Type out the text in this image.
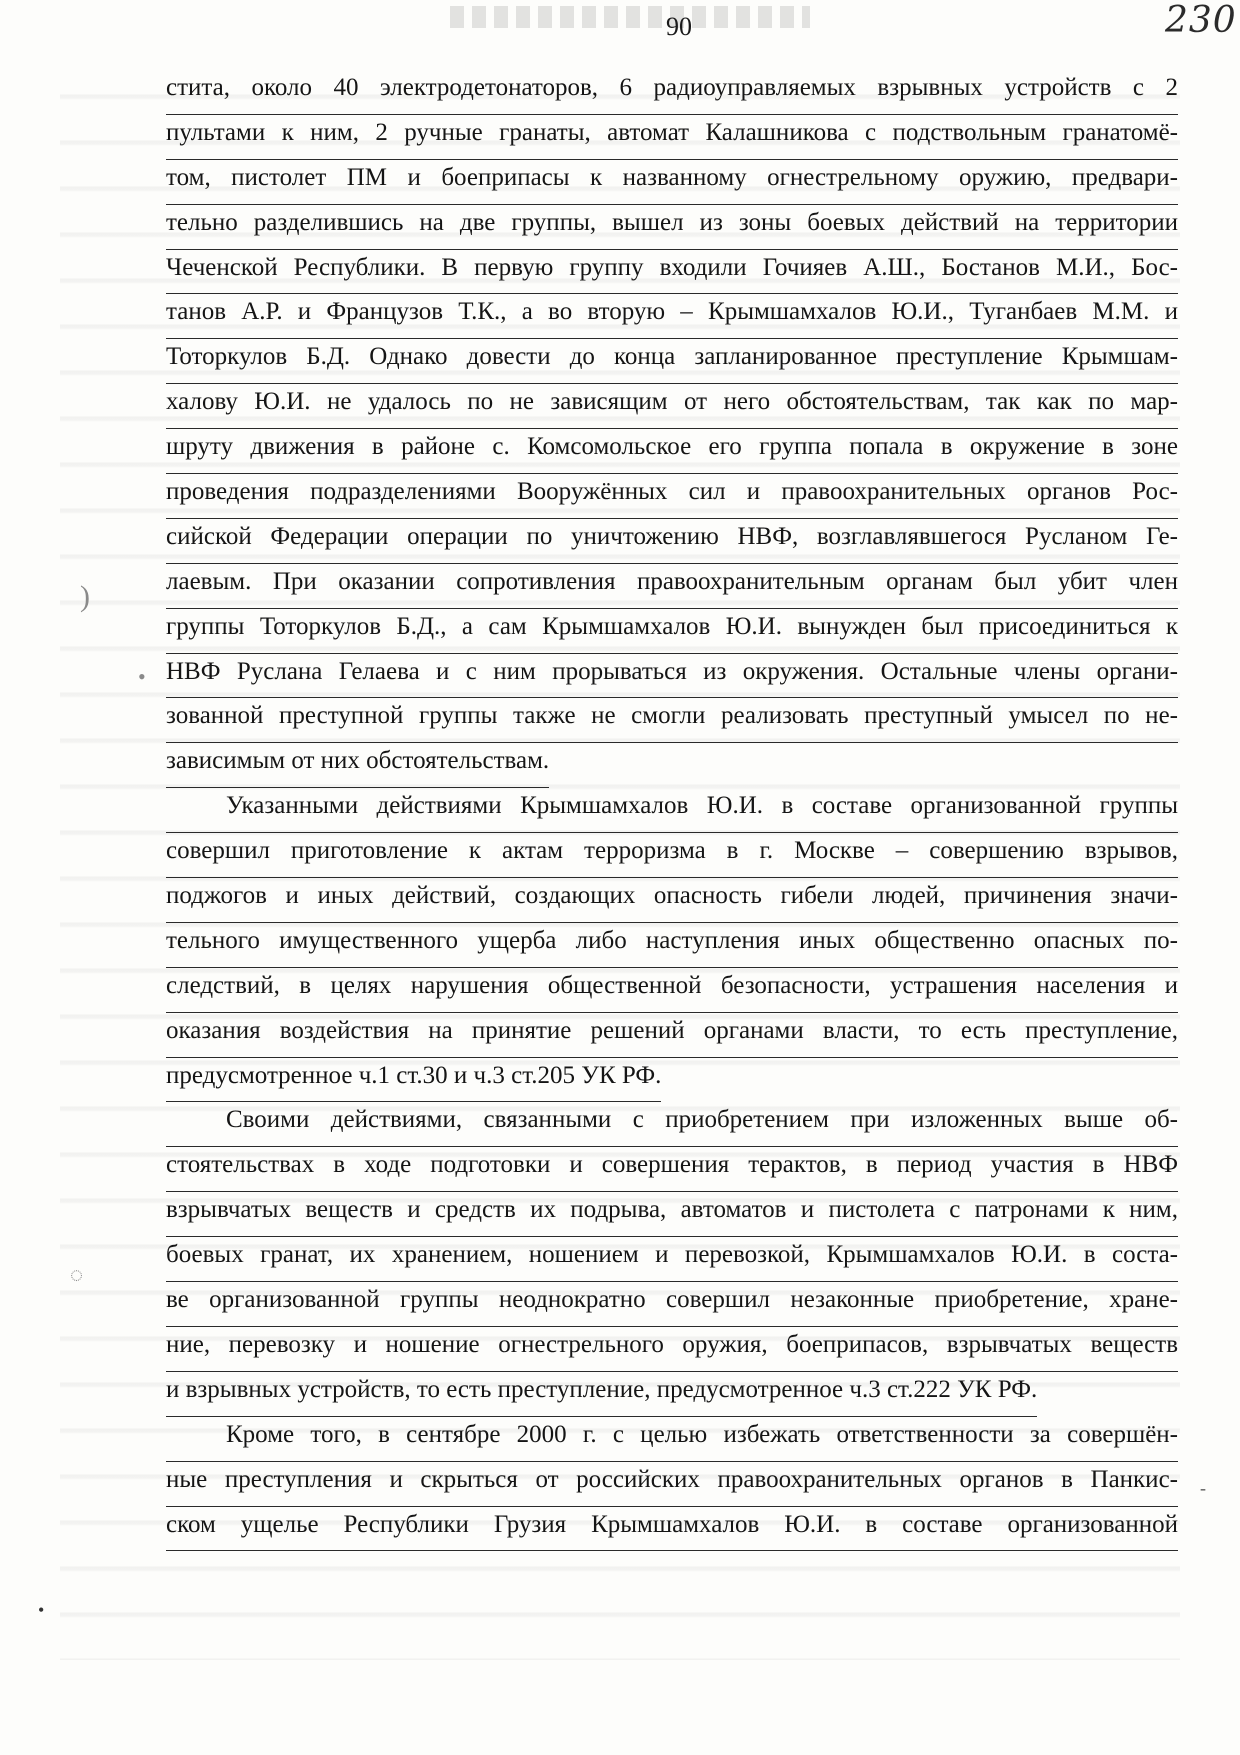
90	230
)
•
◌
•
-
стита, около 40 электродетонаторов, 6 радиоуправляемых взрывных устройств с 2
пультами к ним, 2 ручные гранаты, автомат Калашникова с подствольным гранатомё-
том, пистолет ПМ и боеприпасы к названному огнестрельному оружию, предвари-
тельно разделившись на две группы, вышел из зоны боевых действий на территории
Чеченской Республики. В первую группу входили Гочияев А.Ш., Бостанов М.И., Бос-
танов А.Р. и Французов Т.К., а во вторую – Крымшамхалов Ю.И., Туганбаев М.М. и
Тоторкулов Б.Д. Однако довести до конца запланированное преступление Крымшам-
халову Ю.И. не удалось по не зависящим от него обстоятельствам, так как по мар-
шруту движения в районе с. Комсомольское его группа попала в окружение в зоне
проведения подразделениями Вооружённых сил и правоохранительных органов Рос-
сийской Федерации операции по уничтожению НВФ, возглавлявшегося Русланом Ге-
лаевым. При оказании сопротивления правоохранительным органам был убит член
группы Тоторкулов Б.Д., а сам Крымшамхалов Ю.И. вынужден был присоединиться к
НВФ Руслана Гелаева и с ним прорываться из окружения. Остальные члены органи-
зованной преступной группы также не смогли реализовать преступный умысел по не-
зависимым от них обстоятельствам.
Указанными действиями Крымшамхалов Ю.И. в составе организованной группы
совершил приготовление к актам терроризма в г. Москве – совершению взрывов,
поджогов и иных действий, создающих опасность гибели людей, причинения значи-
тельного имущественного ущерба либо наступления иных общественно опасных по-
следствий, в целях нарушения общественной безопасности, устрашения населения и
оказания воздействия на принятие решений органами власти, то есть преступление,
предусмотренное ч.1 ст.30 и ч.3 ст.205 УК РФ.
Своими действиями, связанными с приобретением при изложенных выше об-
стоятельствах в ходе подготовки и совершения терактов, в период участия в НВФ
взрывчатых веществ и средств их подрыва, автоматов и пистолета с патронами к ним,
боевых гранат, их хранением, ношением и перевозкой, Крымшамхалов Ю.И. в соста-
ве организованной группы неоднократно совершил незаконные приобретение, хране-
ние, перевозку и ношение огнестрельного оружия, боеприпасов, взрывчатых веществ
и взрывных устройств, то есть преступление, предусмотренное ч.3 ст.222 УК РФ.
Кроме того, в сентябре 2000 г. с целью избежать ответственности за совершён-
ные преступления и скрыться от российских правоохранительных органов в Панкис-
ском ущелье Республики Грузия Крымшамхалов Ю.И. в составе организованной
